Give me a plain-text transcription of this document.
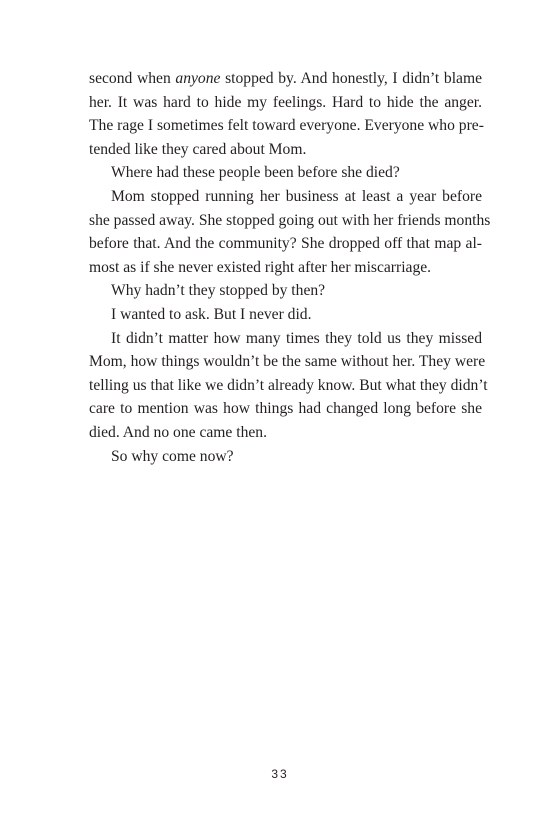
second when anyone stopped by. And honestly, I didn’t blame
her. It was hard to hide my feelings. Hard to hide the anger.
The rage I sometimes felt toward everyone. Everyone who pre-
tended like they cared about Mom.
Where had these people been before she died?
Mom stopped running her business at least a year before
she passed away. She stopped going out with her friends months
before that. And the community? She dropped off that map al-
most as if she never existed right after her miscarriage.
Why hadn’t they stopped by then?
I wanted to ask. But I never did.
It didn’t matter how many times they told us they missed
Mom, how things wouldn’t be the same without her. They were
telling us that like we didn’t already know. But what they didn’t
care to mention was how things had changed long before she
died. And no one came then.
So why come now?
33
